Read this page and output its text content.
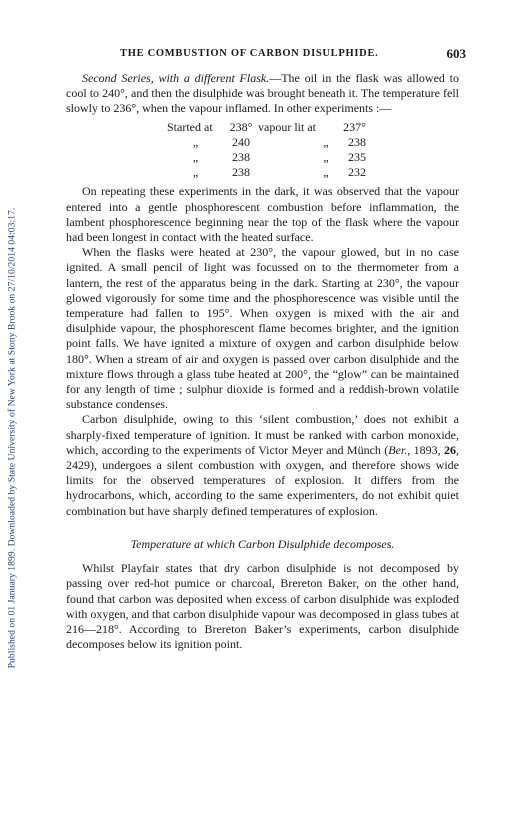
Published on 01 January 1899. Downloaded by State University of New York at Stony Brook on 27/10/2014 04:03:17.
THE COMBUSTION OF CARBON DISULPHIDE.	603

Second Series, with a different Flask.—The oil in the flask was allowed to cool to 240°, and then the disulphide was brought beneath it. The temperature fell slowly to 236°, when the vapour inflamed. In other experiments :—

Started at	238°	vapour lit at		237°
„	240		„	238
„	238		„	235
„	238		„	232

On repeating these experiments in the dark, it was observed that the vapour entered into a gentle phosphorescent combustion before inflammation, the lambent phosphorescence beginning near the top of the flask where the vapour had been longest in contact with the heated surface.

When the flasks were heated at 230°, the vapour glowed, but in no case ignited. A small pencil of light was focussed on to the thermometer from a lantern, the rest of the apparatus being in the dark. Starting at 230°, the vapour glowed vigorously for some time and the phosphorescence was visible until the temperature had fallen to 195°. When oxygen is mixed with the air and disulphide vapour, the phosphorescent flame becomes brighter, and the ignition point falls. We have ignited a mixture of oxygen and carbon disulphide below 180°. When a stream of air and oxygen is passed over carbon disulphide and the mixture flows through a glass tube heated at 200°, the “glow” can be maintained for any length of time ; sulphur dioxide is formed and a reddish-brown volatile substance condenses.

Carbon disulphide, owing to this ‘silent combustion,’ does not exhibit a sharply-fixed temperature of ignition. It must be ranked with carbon monoxide, which, according to the experiments of Victor Meyer and Münch (Ber., 1893, 26, 2429), undergoes a silent combustion with oxygen, and therefore shows wide limits for the observed temperatures of explosion. It differs from the hydrocarbons, which, according to the same experimenters, do not exhibit quiet combination but have sharply defined temperatures of explosion.

Temperature at which Carbon Disulphide decomposes.

Whilst Playfair states that dry carbon disulphide is not decomposed by passing over red-hot pumice or charcoal, Brereton Baker, on the other hand, found that carbon was deposited when excess of carbon disulphide was exploded with oxygen, and that carbon disulphide vapour was decomposed in glass tubes at 216—218°. According to Brereton Baker’s experiments, carbon disulphide decomposes below its ignition point.
